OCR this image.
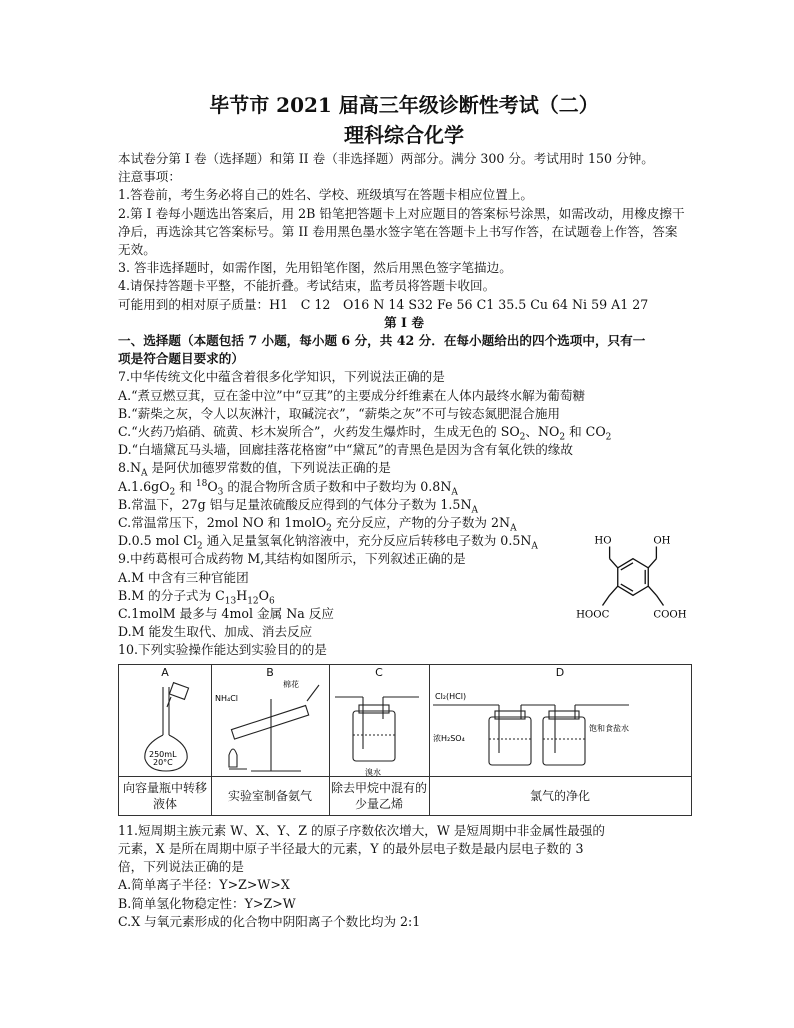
毕节市 2021 届高三年级诊断性考试（二）
理科综合化学
本试卷分第 I 卷（选择题）和第 II 卷（非选择题）两部分。满分 300 分。考试用时 150 分钟。
注意事项：
1.答卷前，考生务必将自己的姓名、学校、班级填写在答题卡相应位置上。
2.第 I 卷每小题选出答案后，用 2B 铅笔把答题卡上对应题目的答案标号涂黑，如需改动，用橡皮擦干净后，再选涂其它答案标号。第 II 卷用黑色墨水签字笔在答题卡上书写作答，在试题卷上作答，答案无效。
3. 答非选择题时，如需作图，先用铅笔作图，然后用黑色签字笔描边。
4.请保持答题卡平整，不能折叠。考试结束，监考员将答题卡收回。
可能用到的相对原子质量：H1　C 12　O16 N 14 S32 Fe 56 C1 35.5 Cu 64 Ni 59 A1 27
第 I 卷
一、选择题（本题包括 7 小题，每小题 6 分，共 42 分．在每小题给出的四个选项中，只有一
项是符合题目要求的）
7.中华传统文化中蕴含着很多化学知识，下列说法正确的是
A.“煮豆燃豆萁，豆在釜中泣”中“豆萁”的主要成分纤维素在人体内最终水解为葡萄糖
B.“薪柴之灰，令人以灰淋汁，取碱浣衣”，“薪柴之灰”不可与铵态氮肥混合施用
C.“火药乃焰硝、硫黄、杉木炭所合”，火药发生爆炸时，生成无色的 $SO_2$、$NO_2$ 和 $CO_2$
D.“白墙黛瓦马头墙，回廊挂落花格窗”中“黛瓦”的青黑色是因为含有氧化铁的缘故
$8.N_A$ 是阿伏加德罗常数的值，下列说法正确的是
$A.1.6gO_2$ 和 $^{18}O_3$ 的混合物所含质子数和中子数均为 $0.8N_A$
B.常温下，27g 铝与足量浓硫酸反应得到的气体分子数为 $1.5N_A$
C.常温常压下，2mol NO 和 1molO$_2$ 充分反应，产物的分子数为 $2N_A$
D.0.5 mol $Cl_2$ 通入足量氢氧化钠溶液中，充分反应后转移电子数为 $0.5N_A$
9.中药葛根可合成药物 M,其结构如图所示，下列叙述正确的是
A.M 中含有三种官能团
B.M 的分子式为 $C_{13}H_{12}O_6$
C.1molM 最多与 4mol 金属 Na 反应
D.M 能发生取代、加成、消去反应
HO	OH
HOOC	COOH
10.下列实验操作能达到实验目的的是
A
250mL
20°C
向容量瓶中转移液体
B
NH₄Cl
棉花
实验室制备氨气
C
溴水
除去甲烷中混有的少量乙烯
D
Cl₂(HCl)
浓H₂SO₄
饱和食盐水
氯气的净化
11.短周期主族元素 W、X、Y、Z 的原子序数依次增大，W 是短周期中非金属性最强的
元素，X 是所在周期中原子半径最大的元素，Y 的最外层电子数是最内层电子数的 3
倍，下列说法正确的是
A.简单离子半径：Y>Z>W>X
B.简单氢化物稳定性：Y>Z>W
C.X 与氧元素形成的化合物中阴阳离子个数比均为 2:1
